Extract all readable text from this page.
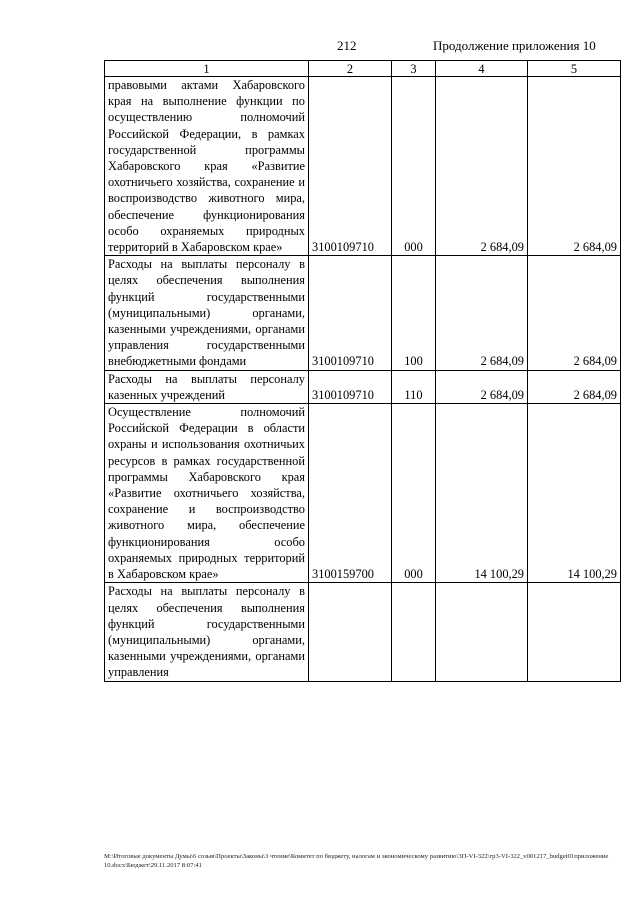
212	Продолжение приложения 10
1	2	3	4	5
правовыми актами Хабаровского края на выполнение функции по осуществлению полномочий Российской Федерации, в рамках государственной программы Хабаровского края «Развитие охотничьего хозяйства, сохранение и воспроизводство животного мира, обеспечение функционирования особо охраняемых природных территорий в Хабаровском крае»	3100109710	000	2 684,09	2 684,09
Расходы на выплаты персоналу в целях обеспечения выполнения функций государственными (муниципальными) органами, казенными учреждениями, органами управления государственными внебюджетными фондами	3100109710	100	2 684,09	2 684,09
Расходы на выплаты персоналу казенных учреждений	3100109710	110	2 684,09	2 684,09
Осуществление полномочий Российской Федерации в области охраны и использования охотничьих ресурсов в рамках государственной программы Хабаровского края «Развитие охотничьего хозяйства, сохранение и воспроизводство животного мира, обеспечение функционирования особо охраняемых природных территорий в Хабаровском крае»	3100159700	000	14 100,29	14 100,29
Расходы на выплаты персоналу в целях обеспечения выполнения функций государственными (муниципальными) органами, казенными учреждениями, органами управления				
M:\Итоговые документы Думы\6 созыв\Проекты\Законы\3 чтение\Комитет по бюджету, налогам и экономическому развитию\3П-VI-322\гр3-VI-322_v001217_budget01приложение 10.docx\Бюджет\29.11.2017 8:07:41
